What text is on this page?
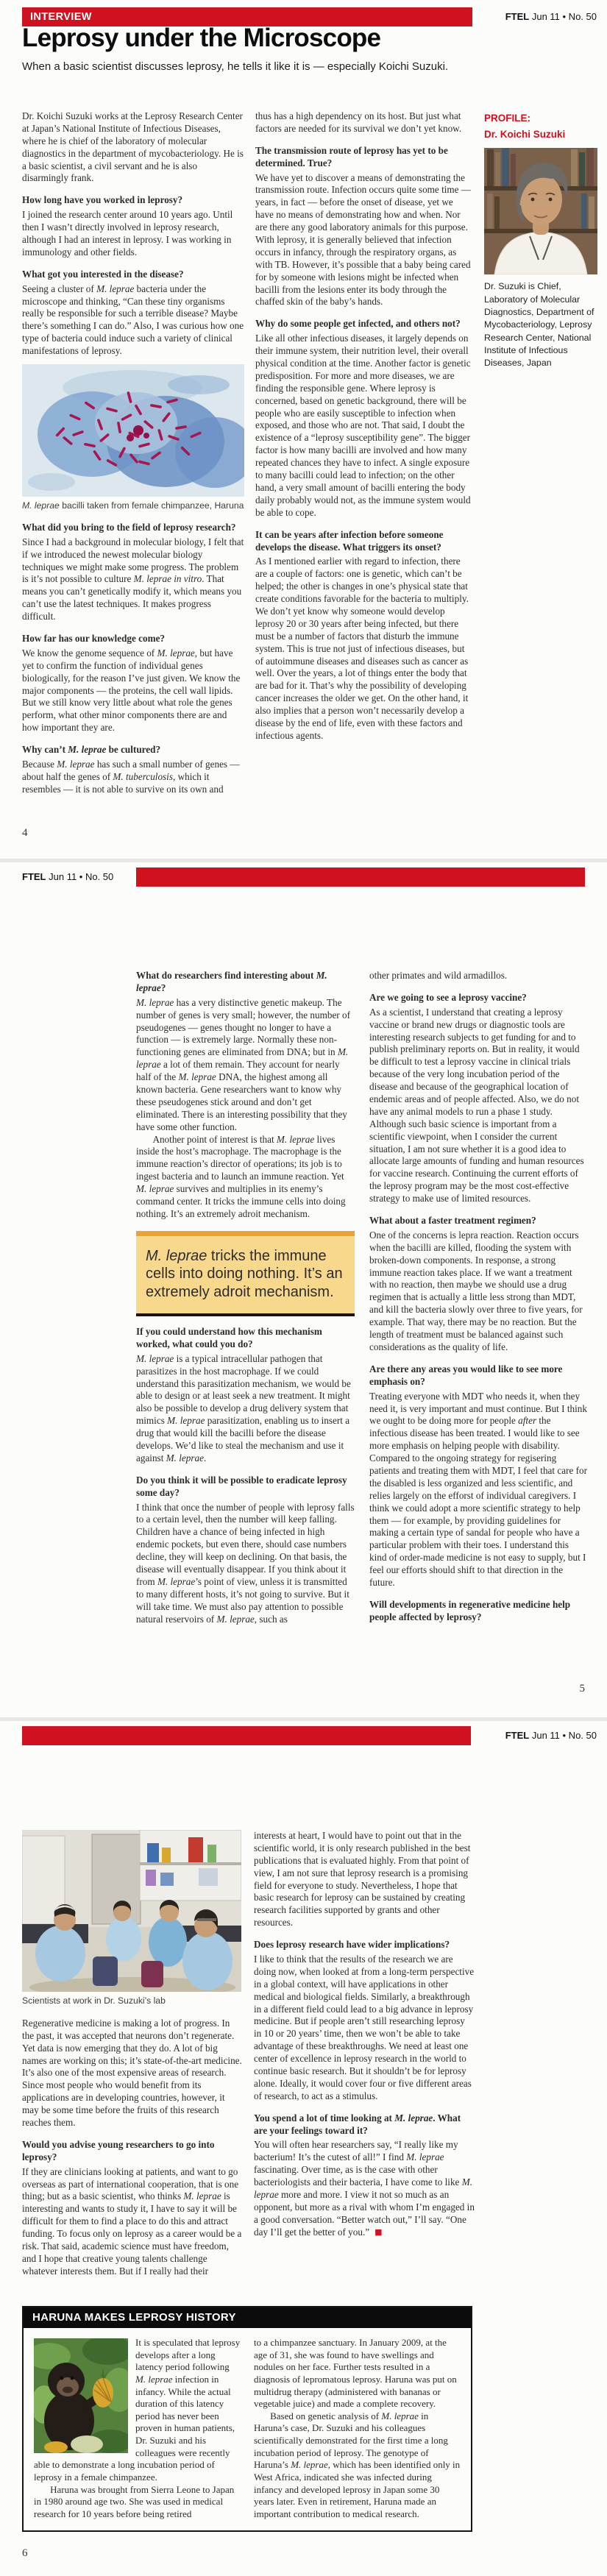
INTERVIEW	FTEL Jun 11 • No. 50
Leprosy under the Microscope
When a basic scientist discusses leprosy, he tells it like it is — especially Koichi Suzuki.

Dr. Koichi Suzuki works at the Leprosy Research Center at Japan’s National Institute of Infectious Diseases, where he is chief of the laboratory of molecular diagnostics in the department of mycobacteriology. He is a basic scientist, a civil servant and he is also disarmingly frank.

How long have you worked in leprosy?

I joined the research center around 10 years ago. Until then I wasn’t directly involved in leprosy research, although I had an interest in leprosy. I was working in immunology and other fields.

What got you interested in the disease?

Seeing a cluster of M. leprae bacteria under the microscope and thinking, “Can these tiny organisms really be responsible for such a terrible disease? Maybe there’s something I can do.” Also, I was curious how one type of bacteria could induce such a variety of clinical manifestations of leprosy.

M. leprae bacilli taken from female chimpanzee, Haruna

What did you bring to the field of leprosy research?

Since I had a background in molecular biology, I felt that if we introduced the newest molecular biology techniques we might make some progress. The problem is it’s not possible to culture M. leprae in vitro. That means you can’t genetically modify it, which means you can’t use the latest techniques. It makes progress difficult.

How far has our knowledge come?

We know the genome sequence of M. leprae, but have yet to confirm the function of individual genes biologically, for the reason I’ve just given. We know the major components — the proteins, the cell wall lipids. But we still know very little about what role the genes perform, what other minor components there are and how important they are.

Why can’t M. leprae be cultured?

Because M. leprae has such a small number of genes — about half the genes of M. tuberculosis, which it resembles — it is not able to survive on its own and

thus has a high dependency on its host. But just what factors are needed for its survival we don’t yet know.

The transmission route of leprosy has yet to be determined. True?

We have yet to discover a means of demonstrating the transmission route. Infection occurs quite some time — years, in fact — before the onset of disease, yet we have no means of demonstrating how and when. Nor are there any good laboratory animals for this purpose. With leprosy, it is generally believed that infection occurs in infancy, through the respiratory organs, as with TB. However, it’s possible that a baby being cared for by someone with lesions might be infected when bacilli from the lesions enter its body through the chaffed skin of the baby’s hands.

Why do some people get infected, and others not?

Like all other infectious diseases, it largely depends on their immune system, their nutrition level, their overall physical condition at the time. Another factor is genetic predisposition. For more and more diseases, we are finding the responsible gene. Where leprosy is concerned, based on genetic background, there will be people who are easily susceptible to infection when exposed, and those who are not. That said, I doubt the existence of a “leprosy susceptibility gene”. The bigger factor is how many bacilli are involved and how many repeated chances they have to infect. A single exposure to many bacilli could lead to infection; on the other hand, a very small amount of bacilli entering the body daily probably would not, as the immune system would be able to cope.

It can be years after infection before someone develops the disease. What triggers its onset?

As I mentioned earlier with regard to infection, there are a couple of factors: one is genetic, which can’t be helped; the other is changes in one’s physical state that create conditions favorable for the bacteria to multiply. We don’t yet know why someone would develop leprosy 20 or 30 years after being infected, but there must be a number of factors that disturb the immune system. This is true not just of infectious diseases, but of autoimmune diseases and diseases such as cancer as well. Over the years, a lot of things enter the body that are bad for it. That’s why the possibility of developing cancer increases the older we get. On the other hand, it also implies that a person won’t necessarily develop a disease by the end of life, even with these factors and infectious agents.

PROFILE:
Dr. Koichi Suzuki
Dr. Suzuki is Chief, Laboratory of Molecular Diagnostics, Department of Mycobacteriology, Leprosy Research Center, National Institute of Infectious Diseases, Japan
4
FTEL Jun 11 • No. 50

What do researchers find interesting about M. leprae?

M. leprae has a very distinctive genetic makeup. The number of genes is very small; however, the number of pseudogenes — genes thought no longer to have a function — is extremely large. Normally these non-functioning genes are eliminated from DNA; but in M. leprae a lot of them remain. They account for nearly half of the M. leprae DNA, the highest among all known bacteria. Gene researchers want to know why these pseudogenes stick around and don’t get eliminated. There is an interesting possibility that they have some other function.

Another point of interest is that M. leprae lives inside the host’s macrophage. The macrophage is the immune reaction’s director of operations; its job is to ingest bacteria and to launch an immune reaction. Yet M. leprae survives and multiplies in its enemy’s command center. It tricks the immune cells into doing nothing. It’s an extremely adroit mechanism.

M. leprae tricks the immune cells into doing nothing. It’s an extremely adroit mechanism.

If you could understand how this mechanism worked, what could you do?

M. leprae is a typical intracellular pathogen that parasitizes in the host macrophage. If we could understand this parasitization mechanism, we would be able to design or at least seek a new treatment. It might also be possible to develop a drug delivery system that mimics M. leprae parasitization, enabling us to insert a drug that would kill the bacilli before the disease develops. We’d like to steal the mechanism and use it against M. leprae.

Do you think it will be possible to eradicate leprosy some day?

I think that once the number of people with leprosy falls to a certain level, then the number will keep falling. Children have a chance of being infected in high endemic pockets, but even there, should case numbers decline, they will keep on declining. On that basis, the disease will eventually disappear. If you think about it from M. leprae’s point of view, unless it is transmitted to many different hosts, it’s not going to survive. But it will take time. We must also pay attention to possible natural reservoirs of M. leprae, such as

other primates and wild armadillos.

Are we going to see a leprosy vaccine?

As a scientist, I understand that creating a leprosy vaccine or brand new drugs or diagnostic tools are interesting research subjects to get funding for and to publish preliminary reports on. But in reality, it would be difficult to test a leprosy vaccine in clinical trials because of the very long incubation period of the disease and because of the geographical location of endemic areas and of people affected. Also, we do not have any animal models to run a phase 1 study. Although such basic science is important from a scientific viewpoint, when I consider the current situation, I am not sure whether it is a good idea to allocate large amounts of funding and human resources for vaccine research. Continuing the current efforts of the leprosy program may be the most cost-effective strategy to make use of limited resources.

What about a faster treatment regimen?

One of the concerns is lepra reaction. Reaction occurs when the bacilli are killed, flooding the system with broken-down components. In response, a strong immune reaction takes place. If we want a treatment with no reaction, then maybe we should use a drug regimen that is actually a little less strong than MDT, and kill the bacteria slowly over three to five years, for example. That way, there may be no reaction. But the length of treatment must be balanced against such considerations as the quality of life.

Are there any areas you would like to see more emphasis on?

Treating everyone with MDT who needs it, when they need it, is very important and must continue. But I think we ought to be doing more for people after the infectious disease has been treated. I would like to see more emphasis on helping people with disability. Compared to the ongoing strategy for regisering patients and treating them with MDT, I feel that care for the disabled is less organized and less scientific, and relies largely on the efforst of individual caregivers. I think we could adopt a more scientific strategy to help them — for example, by providing guidelines for making a certain type of sandal for people who have a particular problem with their toes. I understand this kind of order-made medicine is not easy to supply, but I feel our efforts should shift to that direction in the future.

Will developments in regenerative medicine help people affected by leprosy?

5
FTEL Jun 11 • No. 50
Scientists at work in Dr. Suzuki’s lab

Regenerative medicine is making a lot of progress. In the past, it was accepted that neurons don’t regenerate. Yet data is now emerging that they do. A lot of big names are working on this; it’s state-of-the-art medicine. It’s also one of the most expensive areas of research. Since most people who would benefit from its applications are in developing countries, however, it may be some time before the fruits of this research reaches them.

Would you advise young researchers to go into leprosy?

If they are clinicians looking at patients, and want to go overseas as part of international cooperation, that is one thing; but as a basic scientist, who thinks M. leprae is interesting and wants to study it, I have to say it will be difficult for them to find a place to do this and attract funding. To focus only on leprosy as a career would be a risk. That said, academic science must have freedom, and I hope that creative young talents challenge whatever interests them. But if I really had their

interests at heart, I would have to point out that in the scientific world, it is only research published in the best publications that is evaluated highly. From that point of view, I am not sure that leprosy research is a promising field for everyone to study. Nevertheless, I hope that basic research for leprosy can be sustained by creating research facilities supported by grants and other resources.

Does leprosy research have wider implications?

I like to think that the results of the research we are doing now, when looked at from a long-term perspective in a global context, will have applications in other medical and biological fields. Similarly, a breakthrough in a different field could lead to a big advance in leprosy medicine. But if people aren’t still researching leprosy in 10 or 20 years’ time, then we won’t be able to take advantage of these breakthroughs. We need at least one center of excellence in leprosy research in the world to continue basic research. But it shouldn’t be for leprosy alone. Ideally, it would cover four or five different areas of research, to act as a stimulus.

You spend a lot of time looking at M. leprae. What are your feelings toward it?

You will often hear researchers say, “I really like my bacterium! It’s the cutest of all!” I find M. leprae fascinating. Over time, as is the case with other bacteriologists and their bacteria, I have come to like M. leprae more and more. I view it not so much as an opponent, but more as a rival with whom I’m engaged in a good conversation. “Better watch out,” I’ll say. “One day I’ll get the better of you.” ■

HARUNA MAKES LEPROSY HISTORY

It is speculated that leprosy develops after a long latency period following M. leprae infection in infancy. While the actual duration of this latency period has never been proven in human patients, Dr. Suzuki and his colleagues were recently able to demonstrate a long incubation period of leprosy in a female chimpanzee.

Haruna was brought from Sierra Leone to Japan in 1980 around age two. She was used in medical research for 10 years before being retired

to a chimpanzee sanctuary. In January 2009, at the age of 31, she was found to have swellings and nodules on her face. Further tests resulted in a diagnosis of lepromatous leprosy. Haruna was put on multidrug therapy (administered with bananas or vegetable juice) and made a complete recovery.

Based on genetic analysis of M. leprae in Haruna’s case, Dr. Suzuki and his colleagues scientifically demonstrated for the first time a long incubation period of leprosy. The genotype of Haruna’s M. leprae, which has been identified only in West Africa, indicated she was infected during infancy and developed leprosy in Japan some 30 years later. Even in retirement, Haruna made an important contribution to medical research.

6
